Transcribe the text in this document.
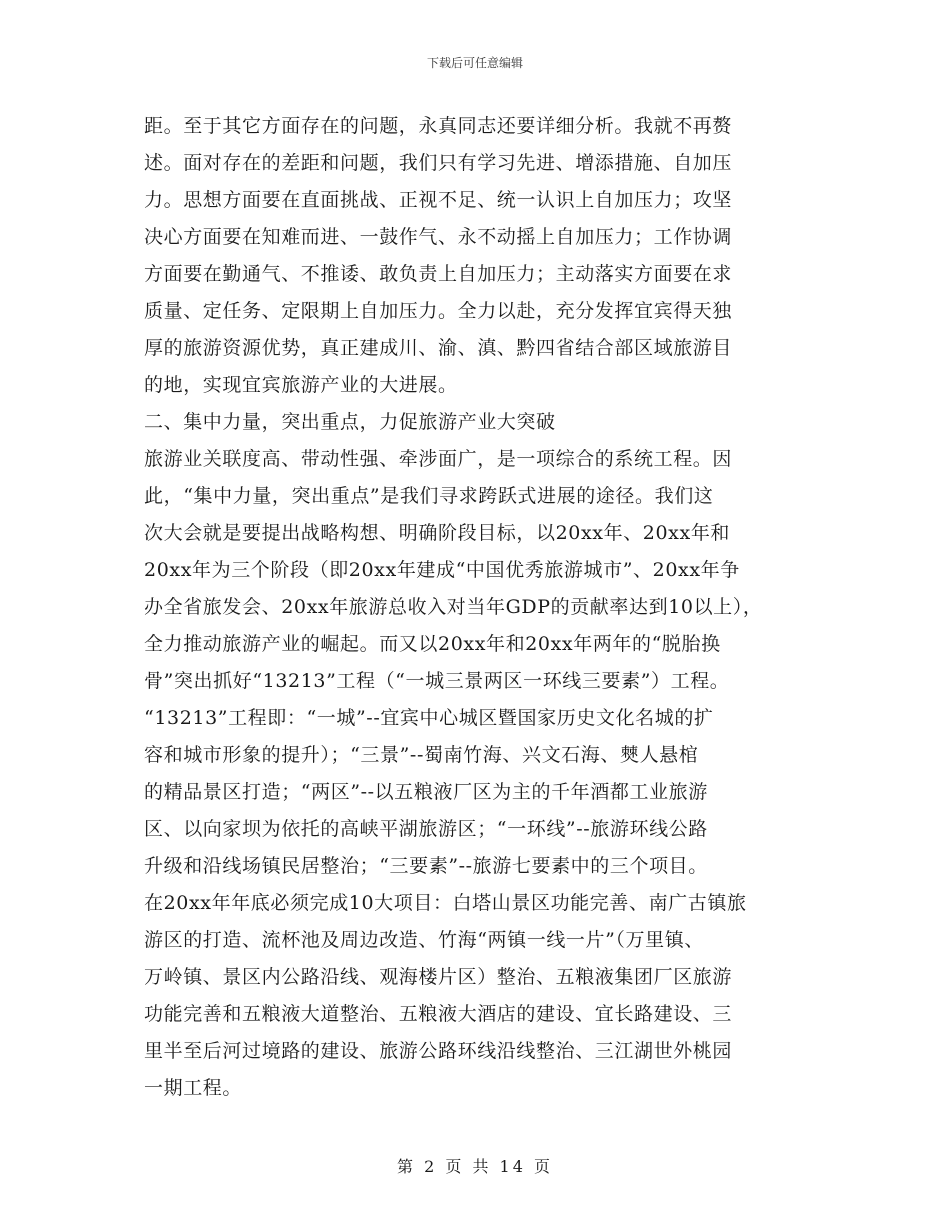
下载后可任意编辑
距。至于其它方面存在的问题，永真同志还要详细分析。我就不再赘
述。面对存在的差距和问题，我们只有学习先进、增添措施、自加压
力。思想方面要在直面挑战、正视不足、统一认识上自加压力；攻坚
决心方面要在知难而进、一鼓作气、永不动摇上自加压力；工作协调
方面要在勤通气、不推诿、敢负责上自加压力；主动落实方面要在求
质量、定任务、定限期上自加压力。全力以赴，充分发挥宜宾得天独
厚的旅游资源优势，真正建成川、渝、滇、黔四省结合部区域旅游目
的地，实现宜宾旅游产业的大进展。
二、集中力量，突出重点，力促旅游产业大突破
旅游业关联度高、带动性强、牵涉面广，是一项综合的系统工程。因
此，“集中力量，突出重点”是我们寻求跨跃式进展的途径。我们这
次大会就是要提出战略构想、明确阶段目标，以20xx年、20xx年和
20xx年为三个阶段（即20xx年建成“中国优秀旅游城市”、20xx年争
办全省旅发会、20xx年旅游总收入对当年GDP的贡献率达到10以上），
全力推动旅游产业的崛起。而又以20xx年和20xx年两年的“脱胎换
骨”突出抓好“13213”工程（“一城三景两区一环线三要素”）工程。
“13213”工程即：“一城”--宜宾中心城区暨国家历史文化名城的扩
容和城市形象的提升）；“三景”--蜀南竹海、兴文石海、僰人悬棺
的精品景区打造；“两区”--以五粮液厂区为主的千年酒都工业旅游
区、以向家坝为依托的高峡平湖旅游区；“一环线”--旅游环线公路
升级和沿线场镇民居整治；“三要素”--旅游七要素中的三个项目。
在20xx年年底必须完成10大项目：白塔山景区功能完善、南广古镇旅
游区的打造、流杯池及周边改造、竹海“两镇一线一片”（万里镇、
万岭镇、景区内公路沿线、观海楼片区）整治、五粮液集团厂区旅游
功能完善和五粮液大道整治、五粮液大酒店的建设、宜长路建设、三
里半至后河过境路的建设、旅游公路环线沿线整治、三江湖世外桃园
一期工程。
第 2 页 共 14 页
